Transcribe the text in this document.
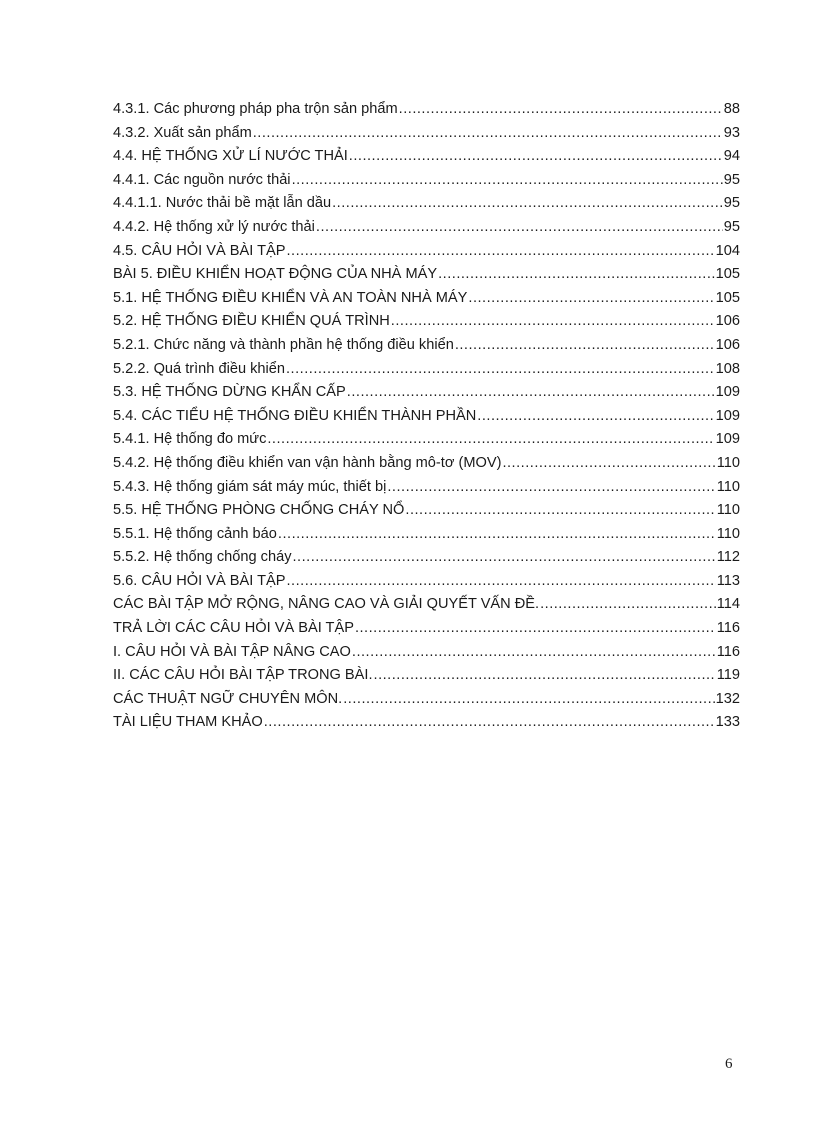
4.3.1. Các phương pháp pha trộn sản phẩm .....	88
4.3.2. Xuất sản phẩm .....	93
4.4. HỆ THỐNG XỬ LÍ NƯỚC THẢI .....	94
4.4.1. Các nguồn nước thải .....	95
4.4.1.1. Nước thải bề mặt lẫn dầu .....	95
4.4.2. Hệ thống xử lý nước thải .....	95
4.5. CÂU HỎI VÀ BÀI TẬP .....	104
BÀI 5. ĐIỀU KHIỂN HOẠT ĐỘNG CỦA NHÀ MÁY .....	105
5.1. HỆ THỐNG ĐIỀU KHIỂN VÀ AN TOÀN NHÀ MÁY .....	105
5.2. HỆ THỐNG ĐIỀU KHIỂN QUÁ TRÌNH .....	106
5.2.1. Chức năng và thành phần hệ thống điều khiển .....	106
5.2.2. Quá trình điều khiển .....	108
5.3. HỆ THỐNG DỪNG KHẨN CẤP .....	109
5.4. CÁC TIỂU HỆ THỐNG ĐIỀU KHIỂN THÀNH PHẦN .....	109
5.4.1. Hệ thống đo mức .....	109
5.4.2. Hệ thống điều khiển van vận hành bằng mô-tơ (MOV) .....	110
5.4.3. Hệ thống giám sát máy múc, thiết bị .....	110
5.5. HỆ THỐNG PHÒNG CHỐNG CHÁY NỔ .....	110
5.5.1. Hệ thống cảnh báo .....	110
5.5.2. Hệ thống chống cháy .....	112
5.6. CÂU HỎI VÀ BÀI TẬP .....	113
CÁC BÀI TẬP MỞ RỘNG, NÂNG CAO VÀ GIẢI QUYẾT VẤN ĐỀ. .....	114
TRẢ LỜI CÁC CÂU HỎI VÀ BÀI TẬP .....	116
I. CÂU HỎI VÀ BÀI TẬP NÂNG CAO .....	116
II. CÁC CÂU HỎI BÀI TẬP TRONG BÀI. .....	119
CÁC THUẬT NGỮ CHUYÊN MÔN. .....	132
TÀI LIỆU THAM KHẢO .....	133
6
